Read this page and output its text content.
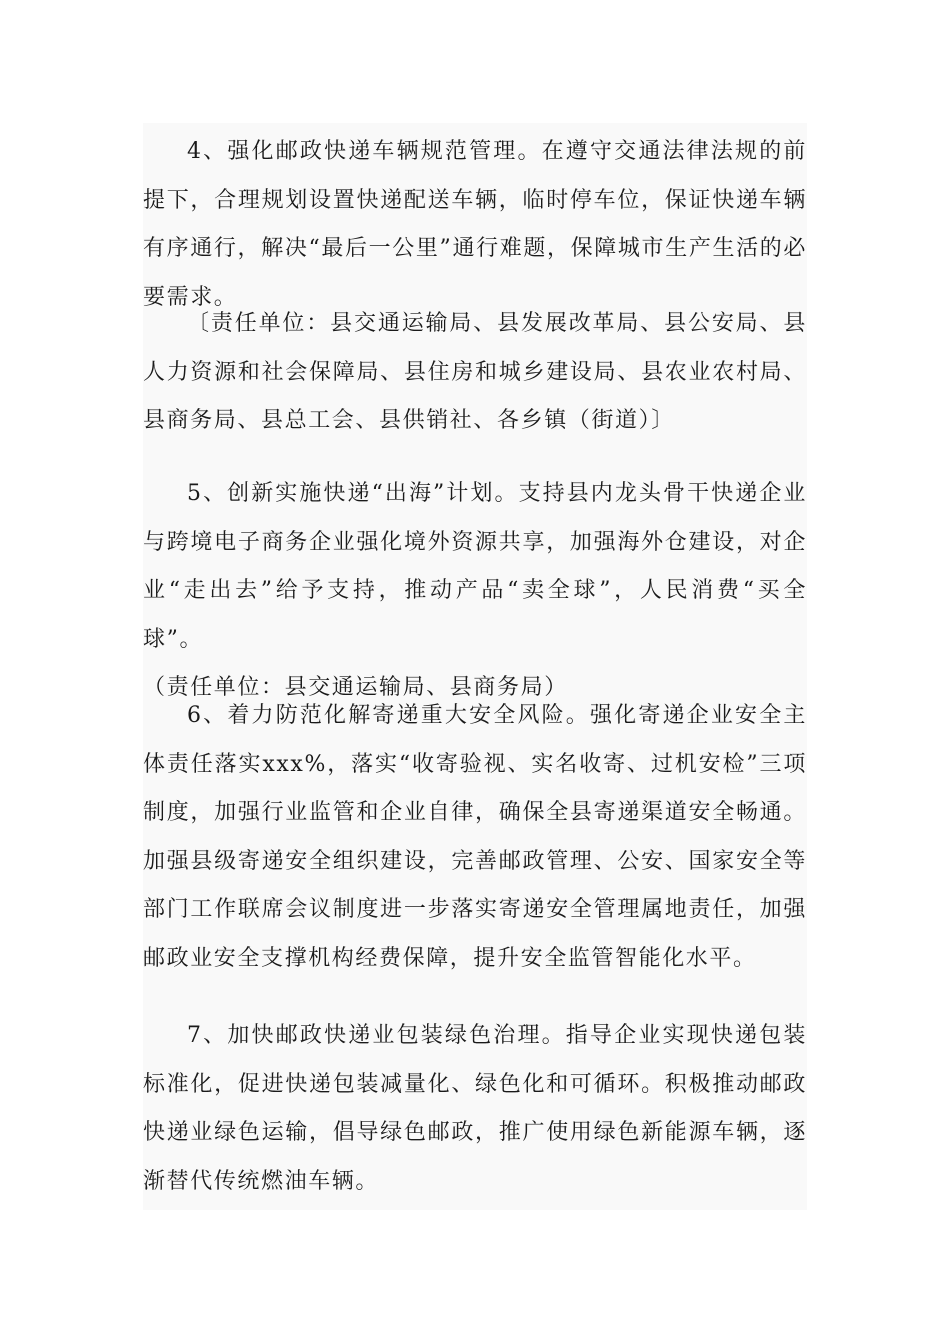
4、强化邮政快递车辆规范管理。在遵守交通法律法规的前提下，合理规划设置快递配送车辆，临时停车位，保证快递车辆有序通行，解决“最后一公里”通行难题，保障城市生产生活的必要需求。

〔责任单位：县交通运输局、县发展改革局、县公安局、县人力资源和社会保障局、县住房和城乡建设局、县农业农村局、县商务局、县总工会、县供销社、各乡镇（街道）〕

5、创新实施快递“出海”计划。支持县内龙头骨干快递企业与跨境电子商务企业强化境外资源共享，加强海外仓建设，对企业“走出去”给予支持，推动产品“卖全球”，人民消费“买全球”。
（责任单位：县交通运输局、县商务局）

6、着力防范化解寄递重大安全风险。强化寄递企业安全主体责任落实xxx%，落实“收寄验视、实名收寄、过机安检”三项制度，加强行业监管和企业自律，确保全县寄递渠道安全畅通。加强县级寄递安全组织建设，完善邮政管理、公安、国家安全等部门工作联席会议制度进一步落实寄递安全管理属地责任，加强邮政业安全支撑机构经费保障，提升安全监管智能化水平。

7、加快邮政快递业包装绿色治理。指导企业实现快递包装标准化，促进快递包装减量化、绿色化和可循环。积极推动邮政快递业绿色运输，倡导绿色邮政，推广使用绿色新能源车辆，逐渐替代传统燃油车辆。
